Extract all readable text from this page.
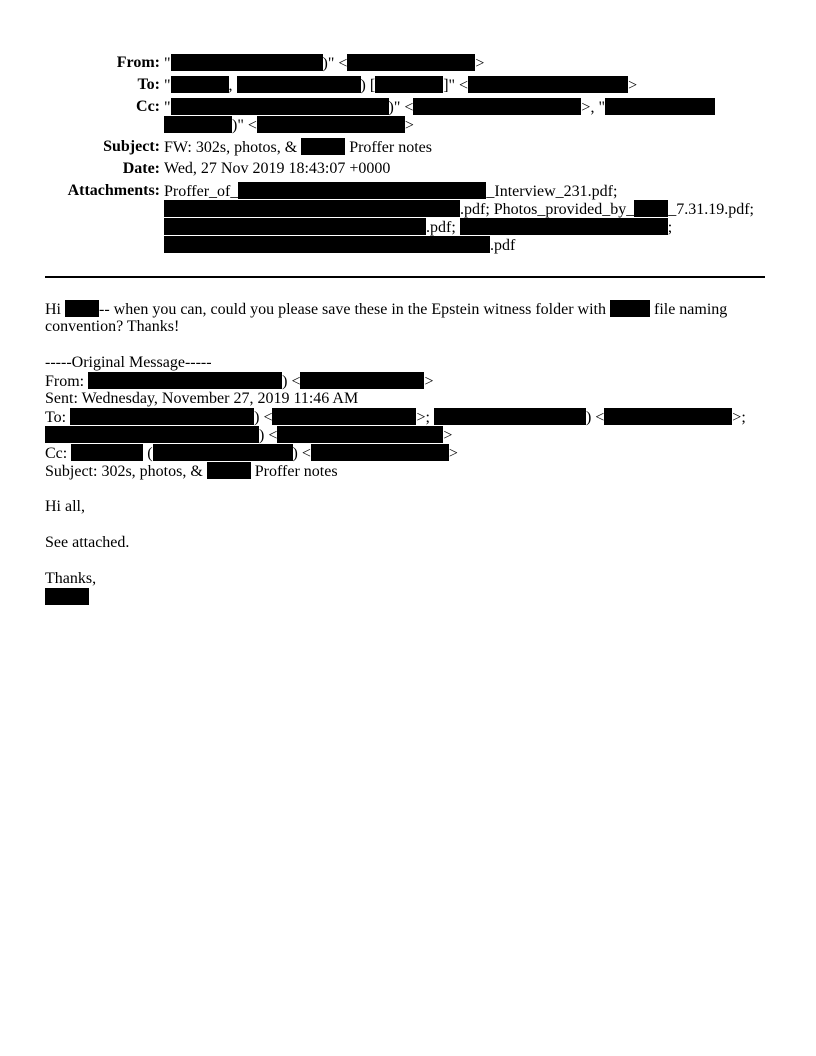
From: "	)" <	>
To: "	,	) [	]" <	>
Cc: "	)" <	>, "
)" <	>
Subject: FW: 302s, photos, &	Proffer notes
Date: Wed, 27 Nov 2019 18:43:07 +0000
Attachments: Proffer_of_	_Interview_231.pdf;
.pdf; Photos_provided_by_ _7.31.19.pdf;
.pdf;	;
.pdf
Hi -- when you can, could you please save these in the Epstein witness folder with	file naming
convention? Thanks!
-----Original Message-----
From:	) <	>
Sent: Wednesday, November 27, 2019 11:46 AM
To:	) <	>;	) <	>;
) <	>
Cc:	(	) <	>
Subject: 302s, photos, &	Proffer notes
Hi all,
See attached.
Thanks,
